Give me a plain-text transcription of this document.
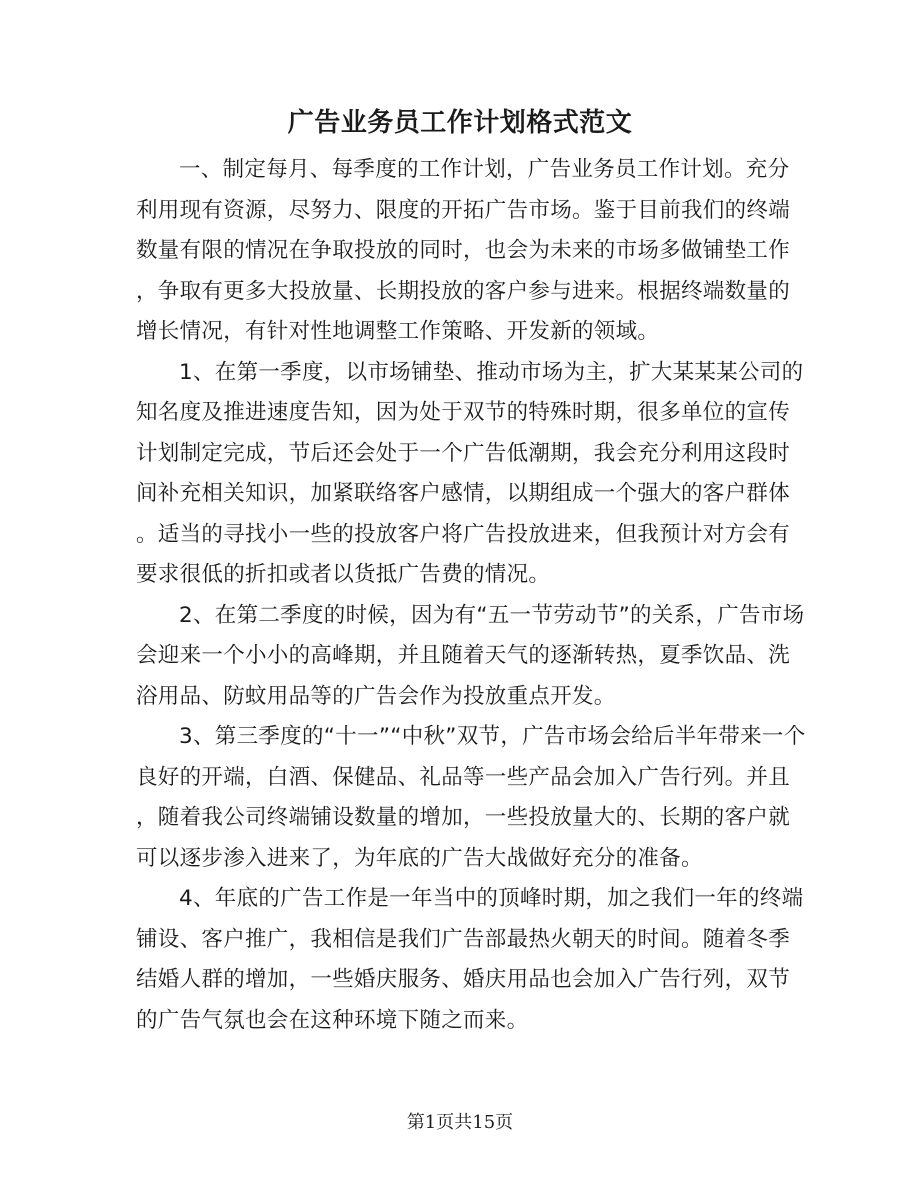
广告业务员工作计划格式范文
一、制定每月、每季度的工作计划，广告业务员工作计划。充分
利用现有资源，尽努力、限度的开拓广告市场。鉴于目前我们的终端
数量有限的情况在争取投放的同时，也会为未来的市场多做铺垫工作
，争取有更多大投放量、长期投放的客户参与进来。根据终端数量的
增长情况，有针对性地调整工作策略、开发新的领域。
1、在第一季度，以市场铺垫、推动市场为主，扩大某某某公司的
知名度及推进速度告知，因为处于双节的特殊时期，很多单位的宣传
计划制定完成，节后还会处于一个广告低潮期，我会充分利用这段时
间补充相关知识，加紧联络客户感情，以期组成一个强大的客户群体
。适当的寻找小一些的投放客户将广告投放进来，但我预计对方会有
要求很低的折扣或者以货抵广告费的情况。
2、在第二季度的时候，因为有“五一节劳动节”的关系，广告市场
会迎来一个小小的高峰期，并且随着天气的逐渐转热，夏季饮品、洗
浴用品、防蚊用品等的广告会作为投放重点开发。
3、第三季度的“十一”“中秋”双节，广告市场会给后半年带来一个
良好的开端，白酒、保健品、礼品等一些产品会加入广告行列。并且
，随着我公司终端铺设数量的增加，一些投放量大的、长期的客户就
可以逐步渗入进来了，为年底的广告大战做好充分的准备。
4、年底的广告工作是一年当中的顶峰时期，加之我们一年的终端
铺设、客户推广，我相信是我们广告部最热火朝天的时间。随着冬季
结婚人群的增加，一些婚庆服务、婚庆用品也会加入广告行列，双节
的广告气氛也会在这种环境下随之而来。
第1页共15页
